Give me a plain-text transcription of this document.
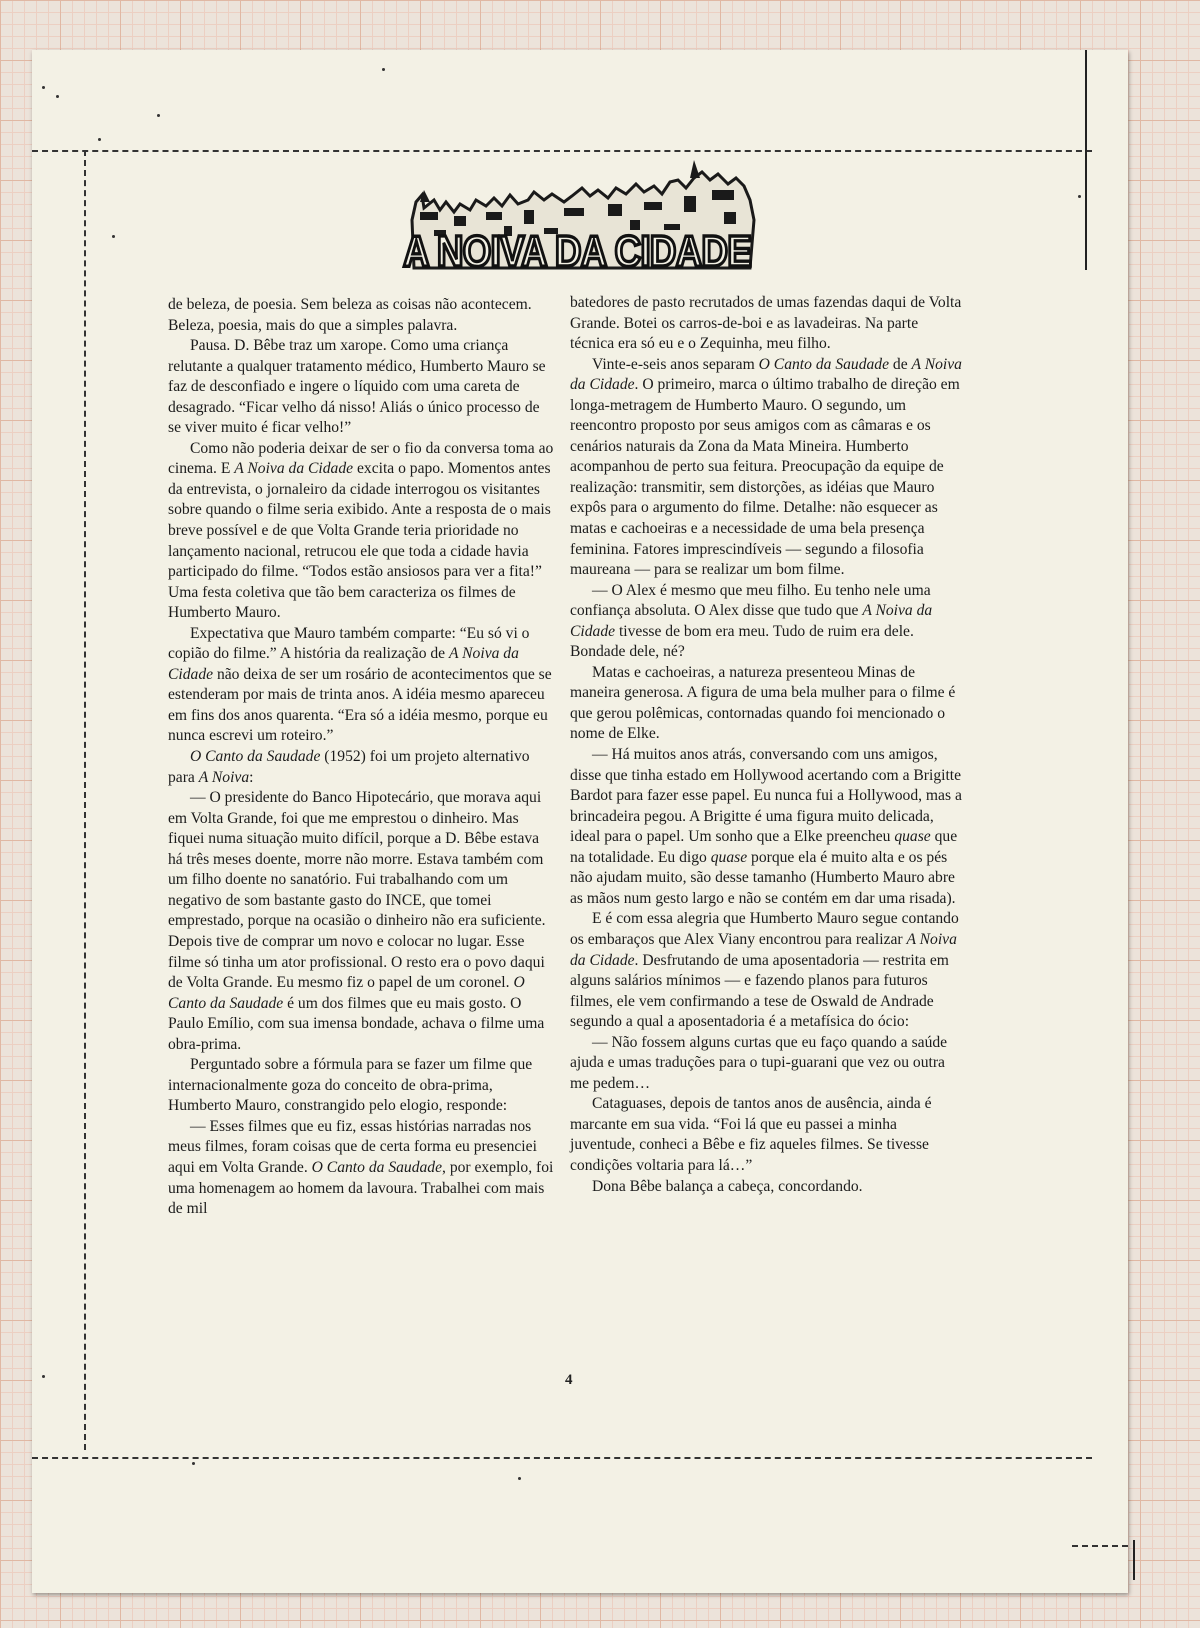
A NOIVA DA CIDADE

de beleza, de poesia. Sem beleza as coisas não acontecem. Beleza, poesia, mais do que a simples palavra.

Pausa. D. Bêbe traz um xarope. Como uma criança relutante a qualquer tratamento médico, Humberto Mauro se faz de desconfiado e ingere o líquido com uma careta de desagrado. “Ficar velho dá nisso! Aliás o único processo de se viver muito é ficar velho!”

Como não poderia deixar de ser o fio da conversa toma ao cinema. E A Noiva da Cidade excita o papo. Momentos antes da entrevista, o jornaleiro da cidade interrogou os visitantes sobre quando o filme seria exibido. Ante a resposta de o mais breve possível e de que Volta Grande teria prioridade no lançamento nacional, retrucou ele que toda a cidade havia participado do filme. “Todos estão ansiosos para ver a fita!” Uma festa coletiva que tão bem caracteriza os filmes de Humberto Mauro.

Expectativa que Mauro também comparte: “Eu só vi o copião do filme.” A história da realização de A Noiva da Cidade não deixa de ser um rosário de acontecimentos que se estenderam por mais de trinta anos. A idéia mesmo apareceu em fins dos anos quarenta. “Era só a idéia mesmo, porque eu nunca escrevi um roteiro.”

O Canto da Saudade (1952) foi um projeto alternativo para A Noiva:

— O presidente do Banco Hipotecário, que morava aqui em Volta Grande, foi que me emprestou o dinheiro. Mas fiquei numa situação muito difícil, porque a D. Bêbe estava há três meses doente, morre não morre. Estava também com um filho doente no sanatório. Fui trabalhando com um negativo de som bastante gasto do INCE, que tomei emprestado, porque na ocasião o dinheiro não era suficiente. Depois tive de comprar um novo e colocar no lugar. Esse filme só tinha um ator profissional. O resto era o povo daqui de Volta Grande. Eu mesmo fiz o papel de um coronel. O Canto da Saudade é um dos filmes que eu mais gosto. O Paulo Emílio, com sua imensa bondade, achava o filme uma obra-prima.

Perguntado sobre a fórmula para se fazer um filme que internacionalmente goza do conceito de obra-prima, Humberto Mauro, constrangido pelo elogio, responde:

— Esses filmes que eu fiz, essas histórias narradas nos meus filmes, foram coisas que de certa forma eu presenciei aqui em Volta Grande. O Canto da Saudade, por exemplo, foi uma homenagem ao homem da lavoura. Trabalhei com mais de mil

batedores de pasto recrutados de umas fazendas daqui de Volta Grande. Botei os carros-de-boi e as lavadeiras. Na parte técnica era só eu e o Zequinha, meu filho.

Vinte-e-seis anos separam O Canto da Saudade de A Noiva da Cidade. O primeiro, marca o último trabalho de direção em longa-metragem de Humberto Mauro. O segundo, um reencontro proposto por seus amigos com as câmaras e os cenários naturais da Zona da Mata Mineira. Humberto acompanhou de perto sua feitura. Preocupação da equipe de realização: transmitir, sem distorções, as idéias que Mauro expôs para o argumento do filme. Detalhe: não esquecer as matas e cachoeiras e a necessidade de uma bela presença feminina. Fatores imprescindíveis — segundo a filosofia maureana — para se realizar um bom filme.

— O Alex é mesmo que meu filho. Eu tenho nele uma confiança absoluta. O Alex disse que tudo que A Noiva da Cidade tivesse de bom era meu. Tudo de ruim era dele. Bondade dele, né?

Matas e cachoeiras, a natureza presenteou Minas de maneira generosa. A figura de uma bela mulher para o filme é que gerou polêmicas, contornadas quando foi mencionado o nome de Elke.

— Há muitos anos atrás, conversando com uns amigos, disse que tinha estado em Hollywood acertando com a Brigitte Bardot para fazer esse papel. Eu nunca fui a Hollywood, mas a brincadeira pegou. A Brigitte é uma figura muito delicada, ideal para o papel. Um sonho que a Elke preencheu quase que na totalidade. Eu digo quase porque ela é muito alta e os pés não ajudam muito, são desse tamanho (Humberto Mauro abre as mãos num gesto largo e não se contém em dar uma risada).

E é com essa alegria que Humberto Mauro segue contando os embaraços que Alex Viany encontrou para realizar A Noiva da Cidade. Desfrutando de uma aposentadoria — restrita em alguns salários mínimos — e fazendo planos para futuros filmes, ele vem confirmando a tese de Oswald de Andrade segundo a qual a aposentadoria é a metafísica do ócio:

— Não fossem alguns curtas que eu faço quando a saúde ajuda e umas traduções para o tupi-guarani que vez ou outra me pedem…

Cataguases, depois de tantos anos de ausência, ainda é marcante em sua vida. “Foi lá que eu passei a minha juventude, conheci a Bêbe e fiz aqueles filmes. Se tivesse condições voltaria para lá…”

Dona Bêbe balança a cabeça, concordando.

4
